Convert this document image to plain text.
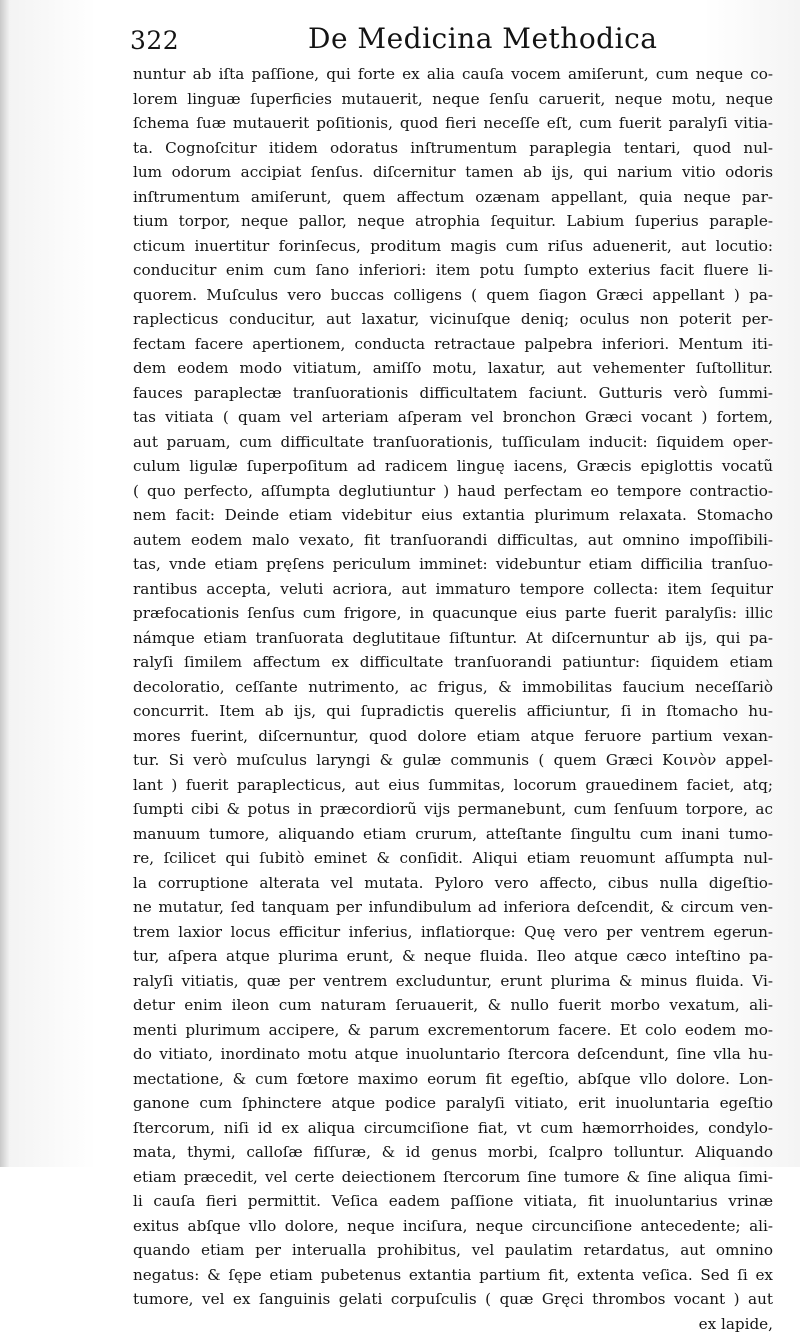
322	De Medicina Methodica
nuntur ab iſta paſſione, qui forte ex alia cauſa vocem amiſerunt, cum neque co-
lorem linguæ ſuperficies mutauerit, neque ſenſu caruerit, neque motu, neque
ſchema ſuæ mutauerit poſitionis, quod fieri neceſſe eſt, cum fuerit paralyſi vitia-
ta. Cognoſcitur itidem odoratus inſtrumentum paraplegia tentari, quod nul-
lum odorum accipiat ſenſus. diſcernitur tamen ab ijs, qui narium vitio odoris
inſtrumentum amiſerunt, quem affectum ozænam appellant, quia neque par-
tium torpor, neque pallor, neque atrophia ſequitur. Labium ſuperius paraple-
cticum inuertitur forinſecus, proditum magis cum riſus aduenerit, aut locutio:
conducitur enim cum ſano inferiori: item potu ſumpto exterius facit fluere li-
quorem. Muſculus vero buccas colligens ( quem ſiagon Græci appellant ) pa-
raplecticus conducitur, aut laxatur, vicinuſque deniq; oculus non poterit per-
fectam facere apertionem, conducta retractaue palpebra inferiori. Mentum iti-
dem eodem modo vitiatum, amiſſo motu, laxatur, aut vehementer ſuſtollitur.
fauces paraplectæ tranſuorationis difficultatem faciunt. Gutturis verò ſummi-
tas vitiata ( quam vel arteriam aſperam vel bronchon Græci vocant ) fortem,
aut paruam, cum difficultate tranſuorationis, tuſſiculam inducit: ſiquidem oper-
culum ligulæ ſuperpoſitum ad radicem linguę iacens, Græcis epiglottis vocatũ
( quo perfecto, aſſumpta deglutiuntur ) haud perfectam eo tempore contractio-
nem facit: Deinde etiam videbitur eius extantia plurimum relaxata. Stomacho
autem eodem malo vexato, fit tranſuorandi difficultas, aut omnino impoſſibili-
tas, vnde etiam pręſens periculum imminet: videbuntur etiam difficilia tranſuo-
rantibus accepta, veluti acriora, aut immaturo tempore collecta: item ſequitur
præfocationis ſenſus cum frigore, in quacunque eius parte fuerit paralyſis: illic
námque etiam tranſuorata deglutitaue ſiſtuntur. At diſcernuntur ab ijs, qui pa-
ralyſi ſimilem affectum ex difficultate tranſuorandi patiuntur: ſiquidem etiam
decoloratio, ceſſante nutrimento, ac frigus, & immobilitas faucium neceſſariò
concurrit. Item ab ijs, qui ſupradictis querelis afficiuntur, ſi in ſtomacho hu-
mores fuerint, diſcernuntur, quod dolore etiam atque feruore partium vexan-
tur. Si verò muſculus laryngi & gulæ communis ( quem Græci Κοινὸν appel-
lant ) fuerit paraplecticus, aut eius ſummitas, locorum grauedinem faciet, atq;
ſumpti cibi & potus in præcordiorũ vijs permanebunt, cum ſenſuum torpore, ac
manuum tumore, aliquando etiam crurum, atteſtante ſingultu cum inani tumo-
re, ſcilicet qui ſubitò eminet & conſidit. Aliqui etiam reuomunt aſſumpta nul-
la corruptione alterata vel mutata. Pyloro vero affecto, cibus nulla digeſtio-
ne mutatur, ſed tanquam per infundibulum ad inferiora deſcendit, & circum ven-
trem laxior locus efficitur inferius, inflatiorque: Quę vero per ventrem egerun-
tur, aſpera atque plurima erunt, & neque fluida. Ileo atque cæco inteſtino pa-
ralyſi vitiatis, quæ per ventrem excluduntur, erunt plurima & minus fluida. Vi-
detur enim ileon cum naturam ſeruauerit, & nullo fuerit morbo vexatum, ali-
menti plurimum accipere, & parum excrementorum facere. Et colo eodem mo-
do vitiato, inordinato motu atque inuoluntario ſtercora deſcendunt, ſine vlla hu-
mectatione, & cum fœtore maximo eorum fit egeſtio, abſque vllo dolore. Lon-
ganone cum ſphinctere atque podice paralyſi vitiato, erit inuoluntaria egeſtio
ſtercorum, niſi id ex aliqua circumciſione fiat, vt cum hæmorrhoides, condylo-
mata, thymi, calloſæ fiſſuræ, & id genus morbi, ſcalpro tolluntur. Aliquando
etiam præcedit, vel certe deiectionem ſtercorum ſine tumore & ſine aliqua ſimi-
li cauſa fieri permittit. Veſica eadem paſſione vitiata, fit inuoluntarius vrinæ
exitus abſque vllo dolore, neque inciſura, neque circunciſione antecedente; ali-
quando etiam per interualla prohibitus, vel paulatim retardatus, aut omnino
negatus: & ſępe etiam pubetenus extantia partium fit, extenta veſica. Sed ſi ex
tumore, vel ex ſanguinis gelati corpuſculis ( quæ Gręci thrombos vocant ) aut
ex lapide,
